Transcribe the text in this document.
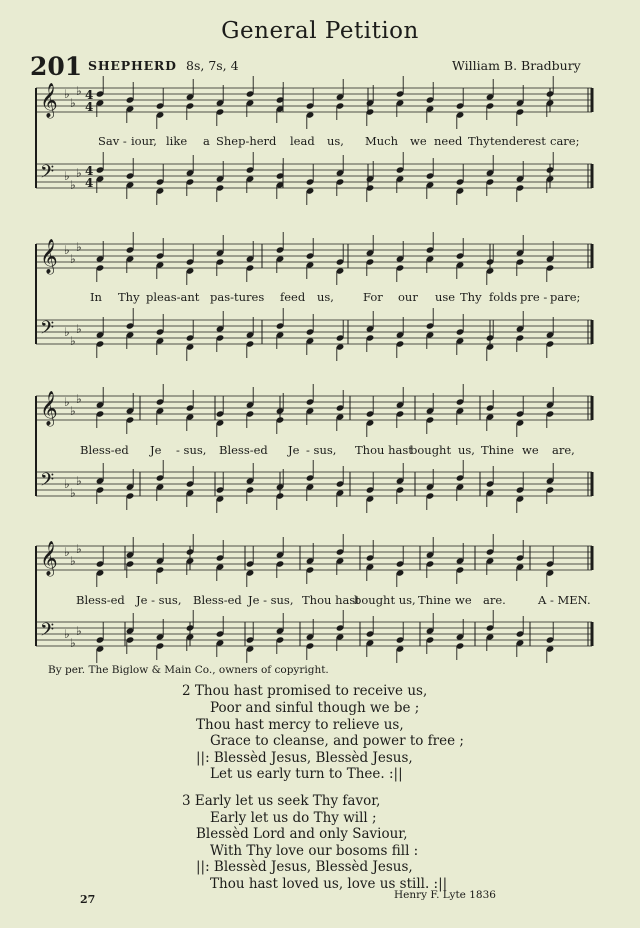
General Petition
201 SHEPHERD 8s, 7s, 4	William B. Bradbury
𝄞 ♭
♭
♭ 4
4
𝄢 ♭
♭
♭ 4
4
𝄞 ♭
♭
♭
𝄢 ♭
♭
♭
𝄞 ♭
♭
♭
𝄢 ♭
♭
♭
𝄞 ♭
♭
♭
𝄢 ♭
♭
♭
Sav - iour, like a Shep-herd lead us, Much we need Thy tenderest care;
In Thy pleas-ant pas-tures feed us,	For our use Thy folds pre - pare;
Bless-ed Je - sus, Bless-ed Je - sus, Thou hast
bought us, Thine we are,
Bless-ed Je - sus, Bless-ed Je - sus, Thou hast
bought us, Thine we are.	A - MEN.
By per. The Biglow & Main Co., owners of copyright.
2 Thou hast promised to receive us,
Poor and sinful though we be ;
Thou hast mercy to relieve us,
Grace to cleanse, and power to free ;
||: Blessèd Jesus, Blessèd Jesus,
Let us early turn to Thee. :||
3 Early let us seek Thy favor,
Early let us do Thy will ;
Blessèd Lord and only Saviour,
With Thy love our bosoms fill :
||: Blessèd Jesus, Blessèd Jesus,
Thou hast loved us, love us still. :||
27	Henry F. Lyte 1836
